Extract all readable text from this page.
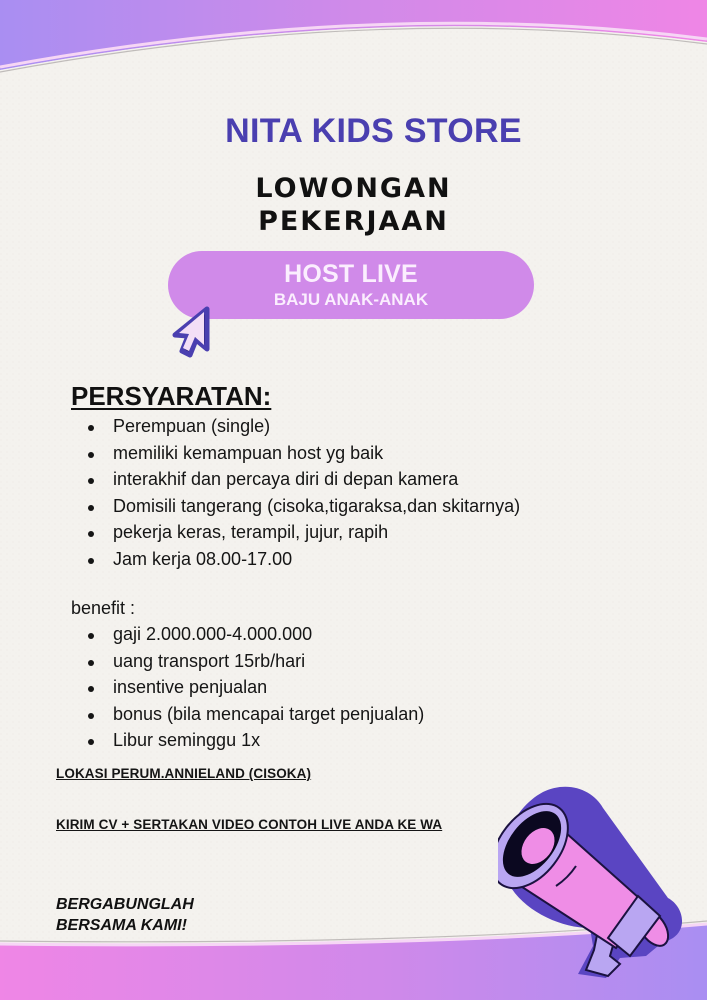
NITA KIDS STORE
LOWONGAN
PEKERJAAN
HOST LIVE
BAJU ANAK-ANAK
PERSYARATAN:
Perempuan (single)
memiliki kemampuan host yg baik
interakhif dan percaya diri di depan kamera
Domisili tangerang (cisoka,tigaraksa,dan skitarnya)
pekerja keras, terampil, jujur, rapih
Jam kerja 08.00-17.00
benefit :
gaji 2.000.000-4.000.000
uang transport 15rb/hari
insentive penjualan
bonus (bila mencapai target penjualan)
Libur seminggu 1x
LOKASI PERUM.ANNIELAND (CISOKA)
KIRIM CV + SERTAKAN VIDEO CONTOH LIVE ANDA KE WA
BERGABUNGLAH
BERSAMA KAMI!
